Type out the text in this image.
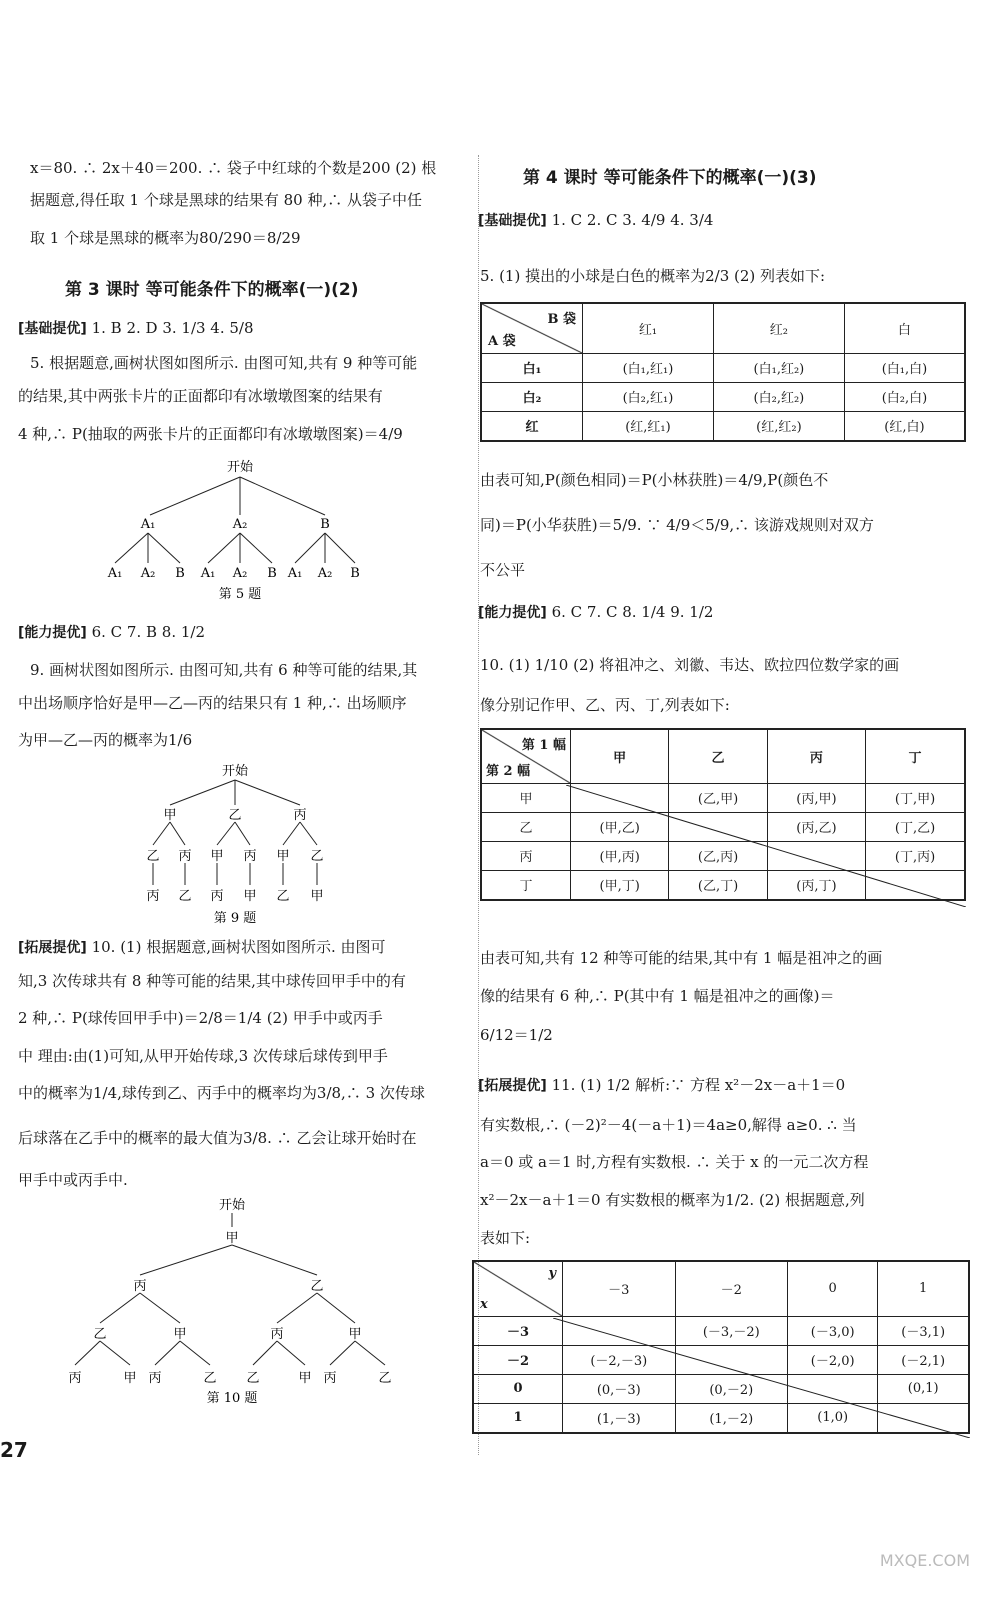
x＝80. ∴ 2x＋40＝200. ∴ 袋子中红球的个数是200 (2) 根
据题意,得任取 1 个球是黑球的结果有 80 种,∴ 从袋子中任
取 1 个球是黑球的概率为80/290＝8/29
第 3 课时 等可能条件下的概率(一)(2)
[基础提优] 1. B 2. D 3. 1/3 4. 5/8
5. 根据题意,画树状图如图所示. 由图可知,共有 9 种等可能
的结果,其中两张卡片的正面都印有冰墩墩图案的结果有
4 种,∴ P(抽取的两张卡片的正面都印有冰墩墩图案)＝4/9
开始
A₁	A₂	B
A₁ A₂ B A₁ A₂ B A₁ A₂ B
第 5 题
[能力提优] 6. C 7. B 8. 1/2
9. 画树状图如图所示. 由图可知,共有 6 种等可能的结果,其
中出场顺序恰好是甲—乙—丙的结果只有 1 种,∴ 出场顺序
为甲—乙—丙的概率为1/6
开始
甲	乙	丙
乙 丙 甲 丙 甲 乙
丙 乙 丙 甲 乙 甲
第 9 题
[拓展提优] 10. (1) 根据题意,画树状图如图所示. 由图可
知,3 次传球共有 8 种等可能的结果,其中球传回甲手中的有
2 种,∴ P(球传回甲手中)＝2/8＝1/4 (2) 甲手中或丙手
中 理由:由(1)可知,从甲开始传球,3 次传球后球传到甲手
中的概率为1/4,球传到乙、丙手中的概率均为3/8,∴ 3 次传球
后球落在乙手中的概率的最大值为3/8. ∴ 乙会让球开始时在
甲手中或丙手中.
开始
甲
丙	乙
乙	甲	丙	甲
丙	甲 丙	乙 乙	甲 丙	乙
第 10 题
27
第 4 课时 等可能条件下的概率(一)(3)
[基础提优] 1. C 2. C 3. 4/9 4. 3/4
5. (1) 摸出的小球是白色的概率为2/3 (2) 列表如下:
B 袋
A 袋	红₁	红₂	白
白₁	(白₁,红₁)	(白₁,红₂)	(白₁,白)
白₂	(白₂,红₁)	(白₂,红₂)	(白₂,白)
红	(红,红₁)	(红,红₂)	(红,白)
由表可知,P(颜色相同)＝P(小林获胜)＝4/9,P(颜色不
同)＝P(小华获胜)＝5/9. ∵ 4/9＜5/9,∴ 该游戏规则对双方
不公平
[能力提优] 6. C 7. C 8. 1/4 9. 1/2
10. (1) 1/10 (2) 将祖冲之、刘徽、韦达、欧拉四位数学家的画
像分别记作甲、乙、丙、丁,列表如下:
第 1 幅
第 2 幅	甲	乙	丙	丁
甲		(乙,甲)	(丙,甲)	(丁,甲)
乙	(甲,乙)		(丙,乙)	(丁,乙)
丙	(甲,丙)	(乙,丙)		(丁,丙)
丁	(甲,丁)	(乙,丁)	(丙,丁)	
由表可知,共有 12 种等可能的结果,其中有 1 幅是祖冲之的画
像的结果有 6 种,∴ P(其中有 1 幅是祖冲之的画像)＝
6/12＝1/2
[拓展提优] 11. (1) 1/2 解析:∵ 方程 x²－2x－a＋1＝0
有实数根,∴ (－2)²－4(－a＋1)＝4a≥0,解得 a≥0. ∴ 当
a＝0 或 a＝1 时,方程有实数根. ∴ 关于 x 的一元二次方程
x²－2x－a＋1＝0 有实数根的概率为1/2. (2) 根据题意,列
表如下:
y
x	－3	－2	0	1
－3		(－3,－2)	(－3,0)	(－3,1)
－2	(－2,－3)		(－2,0)	(－2,1)
0	(0,－3)	(0,－2)		(0,1)
1	(1,－3)	(1,－2)	(1,0)	
MXQE.COM
